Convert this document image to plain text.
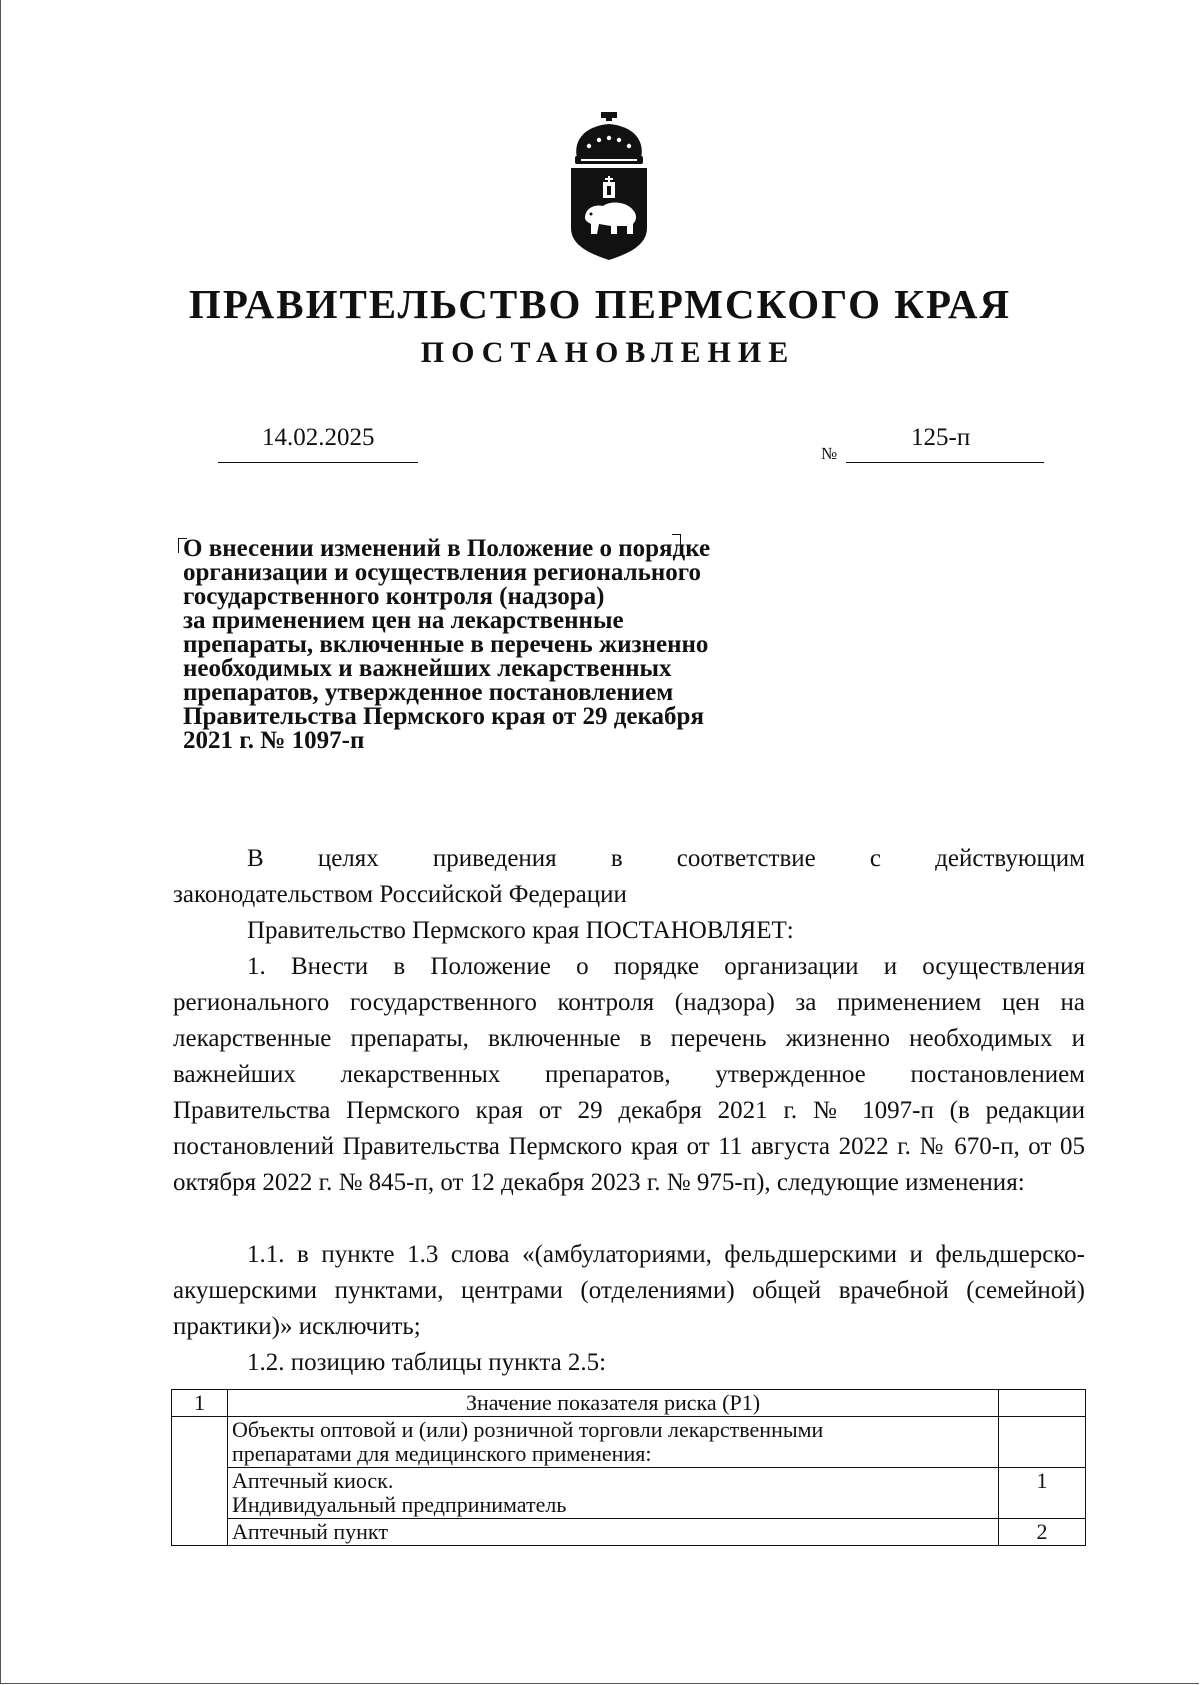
ПРАВИТЕЛЬСТВО ПЕРМСКОГО КРАЯ
ПОСТАНОВЛЕНИЕ
14.02.2025
№
125-п
О внесении изменений в Положение о порядке
организации и осуществления регионального
государственного контроля (надзора)
за применением цен на лекарственные
препараты, включенные в перечень жизненно
необходимых и важнейших лекарственных
препаратов, утвержденное постановлением
Правительства Пермского края от 29 декабря
2021 г. № 1097-п
В целях приведения в соответствие с действующим
законодательством Российской Федерации
Правительство Пермского края ПОСТАНОВЛЯЕТ:
1. Внести в Положение о порядке организации и осуществления регионального государственного контроля (надзора) за применением цен на лекарственные препараты, включенные в перечень жизненно необходимых и важнейших лекарственных препаратов, утвержденное постановлением Правительства Пермского края от 29 декабря 2021 г. № 1097-п (в редакции постановлений Правительства Пермского края от 11 августа 2022 г. № 670-п, от 05 октября 2022 г. № 845-п, от 12 декабря 2023 г. № 975-п), следующие изменения:
1.1. в пункте 1.3 слова «(амбулаториями, фельдшерскими и фельдшерско-акушерскими пунктами, центрами (отделениями) общей врачебной (семейной) практики)» исключить;
1.2. позицию таблицы пункта 2.5:
1	Значение показателя риска (Р1)	

	Объекты оптовой и (или) розничной торговли лекарственными
препаратами для медицинского применения:	

	Аптечный киоск.
Индивидуальный предприниматель	1
	Аптечный пункт	2
